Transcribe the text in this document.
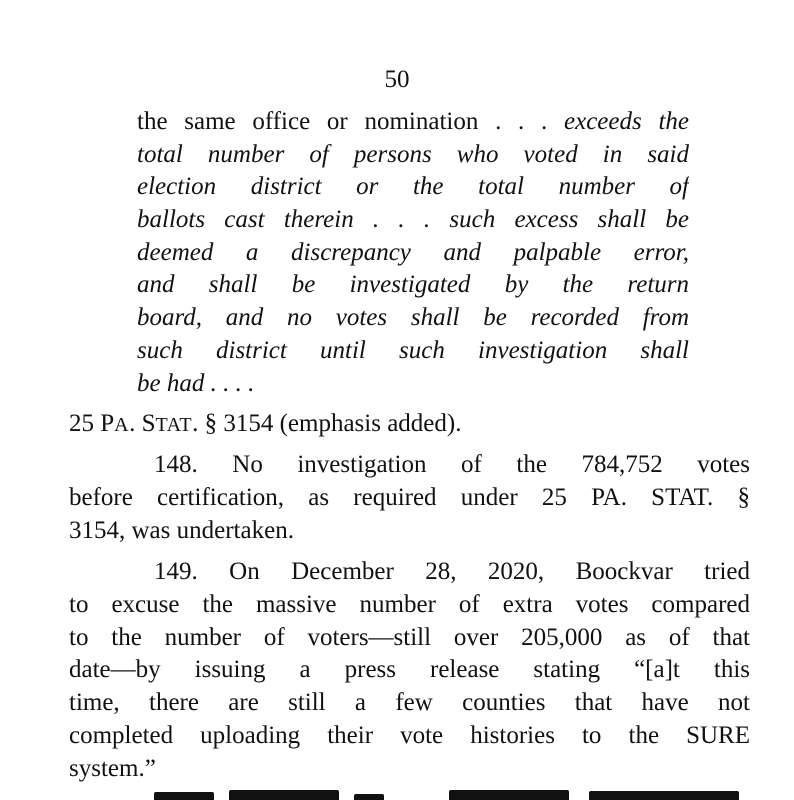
50
the same office or nomination . . . exceeds the
total number of persons who voted in said
election district or the total number of
ballots cast therein . . . such excess shall be
deemed a discrepancy and palpable error,
and shall be investigated by the return
board, and no votes shall be recorded from
such district until such investigation shall
be had . . . .
25 PA. STAT. § 3154 (emphasis added).
148. No investigation of the 784,752 votes
before certification, as required under 25 PA. STAT. §
3154, was undertaken.
149. On December 28, 2020, Boockvar tried
to excuse the massive number of extra votes compared
to the number of voters—still over 205,000 as of that
date—by issuing a press release stating “[a]t this
time, there are still a few counties that have not
completed uploading their vote histories to the SURE
system.”
